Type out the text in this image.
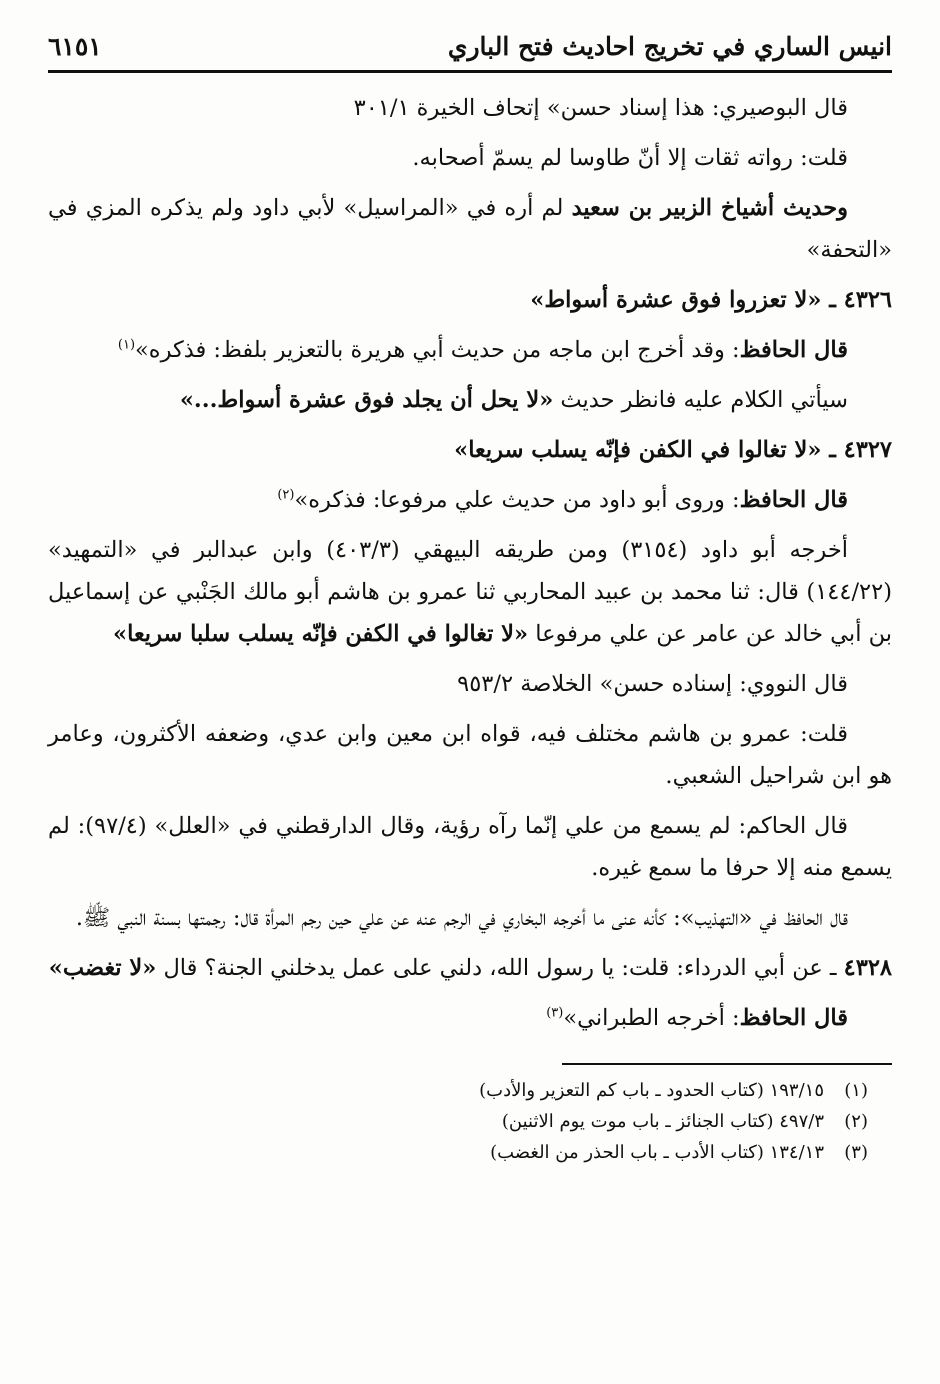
انيس الساري في تخريج احاديث فتح الباري
٦١٥١

قال البوصيري: هذا إسناد حسن» إتحاف الخيرة ٣٠١/١

قلت: رواته ثقات إلا أنّ طاوسا لم يسمّ أصحابه.

وحديث أشياخ الزبير بن سعيد لم أره في «المراسيل» لأبي داود ولم يذكره المزي في «التحفة»

٤٣٢٦ ـ «لا تعزروا فوق عشرة أسواط»

قال الحافظ: وقد أخرج ابن ماجه من حديث أبي هريرة بالتعزير بلفظ: فذكره»$^{(١)}$

سيأتي الكلام عليه فانظر حديث «لا يحل أن يجلد فوق عشرة أسواط...»

٤٣٢٧ ـ «لا تغالوا في الكفن فإنّه يسلب سريعا»

قال الحافظ: وروى أبو داود من حديث علي مرفوعا: فذكره»$^{(٢)}$

أخرجه أبو داود (٣١٥٤) ومن طريقه البيهقي (٤٠٣/٣) وابن عبدالبر في «التمهيد» (١٤٤/٢٢) قال: ثنا محمد بن عبيد المحاربي ثنا عمرو بن هاشم أبو مالك الجَنْبي عن إسماعيل بن أبي خالد عن عامر عن علي مرفوعا «لا تغالوا في الكفن فإنّه يسلب سلبا سريعا»

قال النووي: إسناده حسن» الخلاصة ٩٥٣/٢

قلت: عمرو بن هاشم مختلف فيه، قواه ابن معين وابن عدي، وضعفه الأكثرون، وعامر هو ابن شراحيل الشعبي.

قال الحاكم: لم يسمع من علي إنّما رآه رؤية، وقال الدارقطني في «العلل» (٩٧/٤): لم يسمع منه إلا حرفا ما سمع غيره.

قال الحافظ في «التهذيب»: كأنه عنى ما أخرجه البخاري في الرجم عنه عن علي حين رجم المرأة قال: رجمتها بسنة النبي ﷺ.

٤٣٢٨ ـ عن أبي الدرداء: قلت: يا رسول الله، دلني على عمل يدخلني الجنة؟ قال «لا تغضب»

قال الحافظ: أخرجه الطبراني»$^{(٣)}$

(١)
١٩٣/١٥ (كتاب الحدود ـ باب كم التعزير والأدب)
(٢)
٤٩٧/٣ (كتاب الجنائز ـ باب موت يوم الاثنين)
(٣)
١٣٤/١٣ (كتاب الأدب ـ باب الحذر من الغضب)
